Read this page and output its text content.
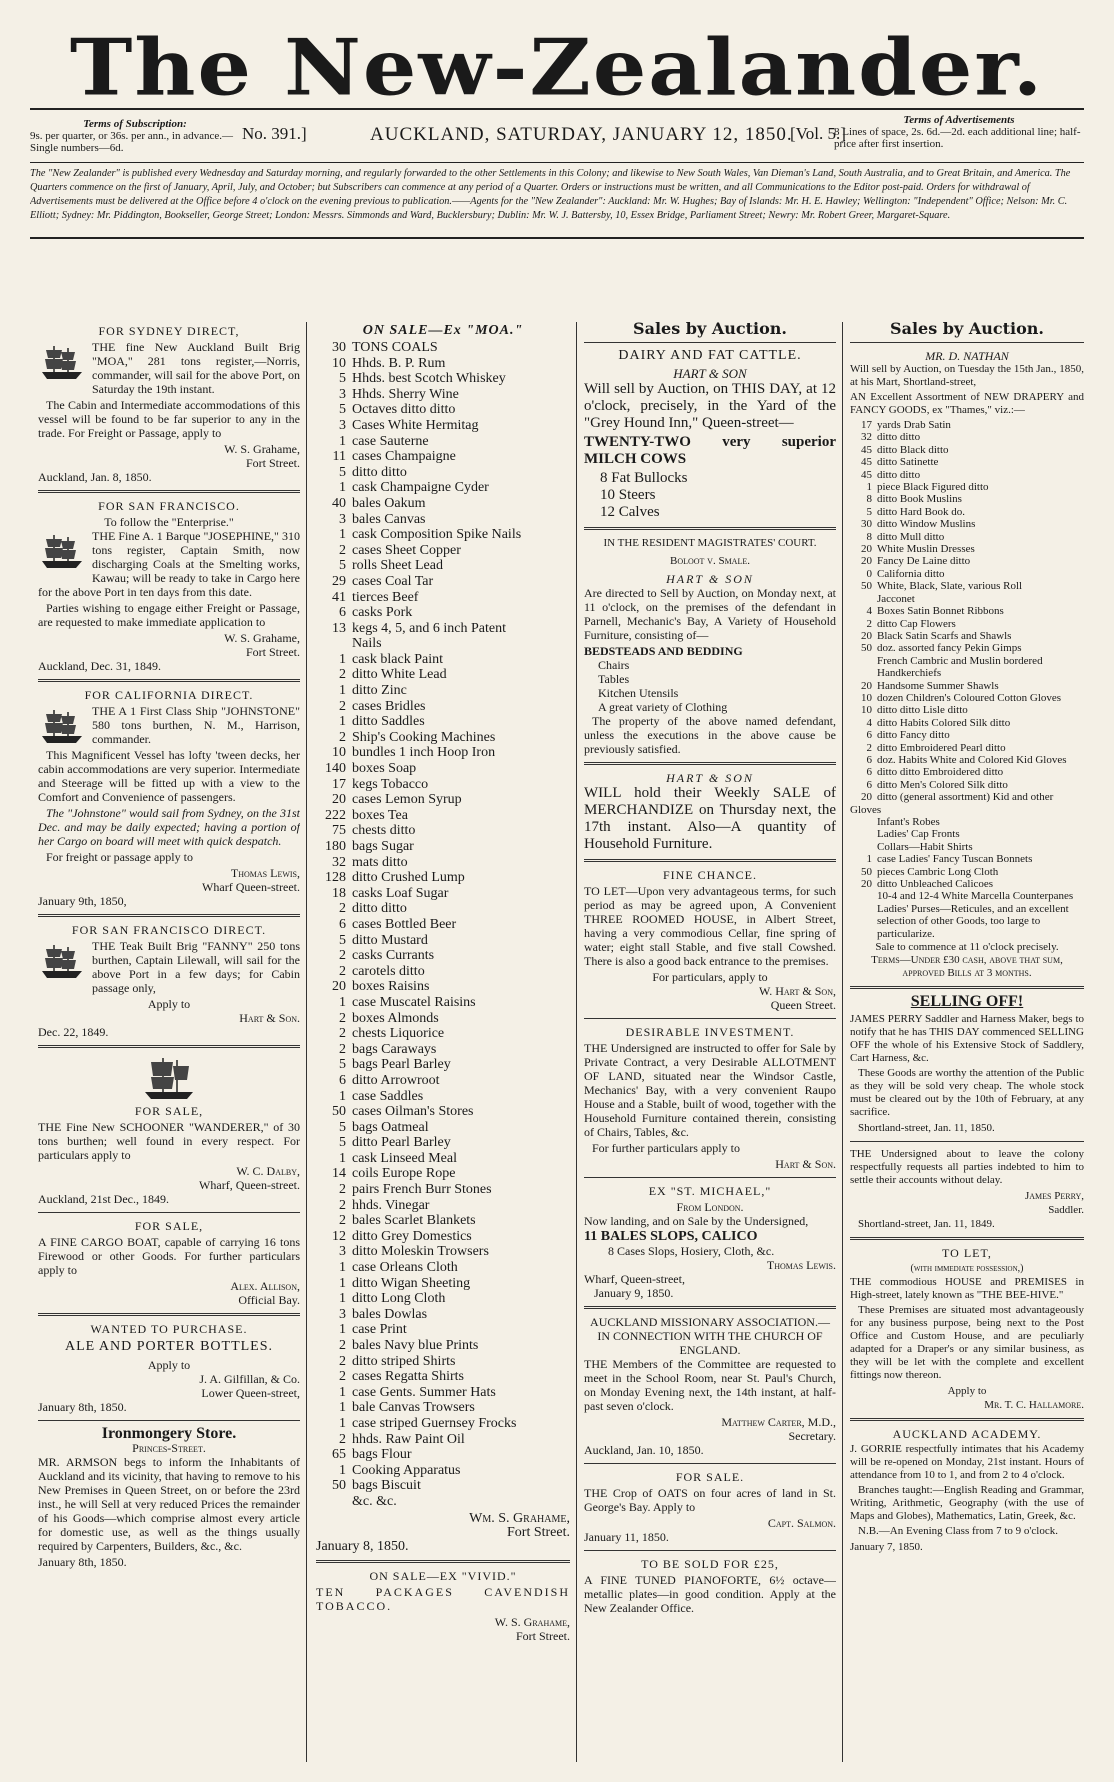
The New-Zealander.
Terms of Subscription:
9s. per quarter, or 36s. per ann., in advance.—Single numbers—6d.
No. 391.]	AUCKLAND, SATURDAY, JANUARY 12, 1850.
[Vol. 5.]
Terms of Advertisements
8 Lines of space, 2s. 6d.—2d. each additional line; half-price after first insertion.
The "New Zealander" is published every Wednesday and Saturday morning, and regularly forwarded to the other Settlements in this Colony; and likewise to New South Wales, Van Dieman's Land, South Australia, and to Great Britain, and America. The Quarters commence on the first of January, April, July, and October; but Subscribers can commence at any period of a Quarter. Orders or instructions must be written, and all Communications to the Editor post-paid. Orders for withdrawal of Advertisements must be delivered at the Office before 4 o'clock on the evening previous to publication.——Agents for the "New Zealander": Auckland: Mr. W. Hughes; Bay of Islands: Mr. H. E. Hawley; Wellington: "Independent" Office; Nelson: Mr. C. Elliott; Sydney: Mr. Piddington, Bookseller, George Street; London: Messrs. Simmonds and Ward, Bucklersbury; Dublin: Mr. W. J. Battersby, 10, Essex Bridge, Parliament Street; Newry: Mr. Robert Greer, Margaret-Square.
FOR SYDNEY DIRECT,

THE fine New Auckland Built Brig "MOA," 281 tons register,—Norris, commander, will sail for the above Port, on Saturday the 19th instant.

The Cabin and Intermediate accommodations of this vessel will be found to be far superior to any in the trade. For Freight or Passage, apply to

W. S. Grahame,
Fort Street.
Auckland, Jan. 8, 1850.
FOR SAN FRANCISCO.
To follow the "Enterprise."

THE Fine A. 1 Barque "JOSEPHINE," 310 tons register, Captain Smith, now discharging Coals at the Smelting works, Kawau; will be ready to take in Cargo here for the above Port in ten days from this date.

Parties wishing to engage either Freight or Passage, are requested to make immediate application to

W. S. Grahame,
Fort Street.
Auckland, Dec. 31, 1849.
FOR CALIFORNIA DIRECT.

THE A 1 First Class Ship "JOHNSTONE" 580 tons burthen, N. M., Harrison, commander.

This Magnificent Vessel has lofty 'tween decks, her cabin accommodations are very superior. Intermediate and Steerage will be fitted up with a view to the Comfort and Convenience of passengers.

The "Johnstone" would sail from Sydney, on the 31st Dec. and may be daily expected; having a portion of her Cargo on board will meet with quick despatch.

For freight or passage apply to

Thomas Lewis,
Wharf Queen-street.
January 9th, 1850,
FOR SAN FRANCISCO DIRECT.

THE Teak Built Brig "FANNY" 250 tons burthen, Captain Lilewall, will sail for the above Port in a few days; for Cabin passage only,

Apply to
Hart & Son.
Dec. 22, 1849.
FOR SALE,

THE Fine New SCHOONER "WANDERER," of 30 tons burthen; well found in every respect. For particulars apply to

W. C. Dalby,
Wharf, Queen-street.
Auckland, 21st Dec., 1849.
FOR SALE,

A FINE CARGO BOAT, capable of carrying 16 tons Firewood or other Goods. For further particulars apply to

Alex. Allison,
Official Bay.
WANTED TO PURCHASE.
ALE AND PORTER BOTTLES.
Apply to
J. A. Gilfillan, & Co.
Lower Queen-street,
January 8th, 1850.
Ironmongery Store.
Princes-Street.

MR. ARMSON begs to inform the Inhabitants of Auckland and its vicinity, that having to remove to his New Premises in Queen Street, on or before the 23rd inst., he will Sell at very reduced Prices the remainder of his Goods—which comprise almost every article for domestic use, as well as the things usually required by Carpenters, Builders, &c., &c.

January 8th, 1850.
ON SALE—Ex "MOA."
30 TONS COALS
10 Hhds. B. P. Rum
5 Hhds. best Scotch Whiskey
3 Hhds. Sherry Wine
5 Octaves ditto ditto
3 Cases White Hermitag
1 case Sauterne
11 cases Champaigne
5 ditto ditto
1 cask Champaigne Cyder
40 bales Oakum
3 bales Canvas
1 cask Composition Spike Nails
2 cases Sheet Copper
5 rolls Sheet Lead
29 cases Coal Tar
41 tierces Beef
6 casks Pork
13 kegs 4, 5, and 6 inch Patent
Nails
1 cask black Paint
2 ditto White Lead
1 ditto Zinc
2 cases Bridles
1 ditto Saddles
2 Ship's Cooking Machines
10 bundles 1 inch Hoop Iron
140 boxes Soap
17 kegs Tobacco
20 cases Lemon Syrup
222 boxes Tea
75 chests ditto
180 bags Sugar
32 mats ditto
128 ditto Crushed Lump
18 casks Loaf Sugar
2 ditto ditto
6 cases Bottled Beer
5 ditto Mustard
2 casks Currants
2 carotels ditto
20 boxes Raisins
1 case Muscatel Raisins
2 boxes Almonds
2 chests Liquorice
2 bags Caraways
5 bags Pearl Barley
6 ditto Arrowroot
1 case Saddles
50 cases Oilman's Stores
5 bags Oatmeal
5 ditto Pearl Barley
1 cask Linseed Meal
14 coils Europe Rope
2 pairs French Burr Stones
2 hhds. Vinegar
2 bales Scarlet Blankets
12 ditto Grey Domestics
3 ditto Moleskin Trowsers
1 case Orleans Cloth
1 ditto Wigan Sheeting
1 ditto Long Cloth
3 bales Dowlas
1 case Print
2 bales Navy blue Prints
2 ditto striped Shirts
2 cases Regatta Shirts
1 case Gents. Summer Hats
1 bale Canvas Trowsers
1 case striped Guernsey Frocks
2 hhds. Raw Paint Oil
65 bags Flour
1 Cooking Apparatus
50 bags Biscuit
&c. &c.
Wm. S. Grahame,
Fort Street.
January 8, 1850.
ON SALE—EX "VIVID."

TEN PACKAGES CAVENDISH TOBACCO.

W. S. Grahame,
Fort Street.
Sales by Auction.
DAIRY AND FAT CATTLE.
HART & SON

Will sell by Auction, on THIS DAY, at 12 o'clock, precisely, in the Yard of the "Grey Hound Inn," Queen-street—

TWENTY-TWO very superior MILCH COWS

8 Fat Bullocks
10 Steers
12 Calves
IN THE RESIDENT MAGISTRATES' COURT.
Boloot v. Smale.
HART & SON

Are directed to Sell by Auction, on Monday next, at 11 o'clock, on the premises of the defendant in Parnell, Mechanic's Bay, A Variety of Household Furniture, consisting of—

BEDSTEADS AND BEDDING
Chairs
Tables
Kitchen Utensils
A great variety of Clothing

The property of the above named defendant, unless the executions in the above cause be previously satisfied.

HART & SON

WILL hold their Weekly SALE of MERCHANDIZE on Thursday next, the 17th instant. Also—A quantity of Household Furniture.

FINE CHANCE.

TO LET—Upon very advantageous terms, for such period as may be agreed upon, A Convenient THREE ROOMED HOUSE, in Albert Street, having a very commodious Cellar, fine spring of water; eight stall Stable, and five stall Cowshed. There is also a good back entrance to the premises.

For particulars, apply to
W. Hart & Son,
Queen Street.
DESIRABLE INVESTMENT.

THE Undersigned are instructed to offer for Sale by Private Contract, a very Desirable ALLOTMENT OF LAND, situated near the Windsor Castle, Mechanics' Bay, with a very convenient Raupo House and a Stable, built of wood, together with the Household Furniture contained therein, consisting of Chairs, Tables, &c.

For further particulars apply to

Hart & Son.
EX "ST. MICHAEL,"
From London.

Now landing, and on Sale by the Undersigned,

11 BALES SLOPS, CALICO
8 Cases Slops, Hosiery, Cloth, &c.
Thomas Lewis.
Wharf, Queen-street,
January 9, 1850.
AUCKLAND MISSIONARY ASSOCIATION.—IN CONNECTION WITH THE CHURCH OF ENGLAND.

THE Members of the Committee are requested to meet in the School Room, near St. Paul's Church, on Monday Evening next, the 14th instant, at half-past seven o'clock.

Matthew Carter, M.D.,
Secretary.
Auckland, Jan. 10, 1850.
FOR SALE.

THE Crop of OATS on four acres of land in St. George's Bay. Apply to

Capt. Salmon.
January 11, 1850.
TO BE SOLD FOR £25,

A FINE TUNED PIANOFORTE, 6½ octave—metallic plates—in good condition. Apply at the New Zealander Office.

Sales by Auction.
MR. D. NATHAN

Will sell by Auction, on Tuesday the 15th Jan., 1850, at his Mart, Shortland-street,

AN Excellent Assortment of NEW DRAPERY and FANCY GOODS, ex "Thames," viz.:—

17 yards Drab Satin
32 ditto ditto
45 ditto Black ditto
45 ditto Satinette
45 ditto ditto
1 piece Black Figured ditto
8 ditto Book Muslins
5 ditto Hard Book do.
30 ditto Window Muslins
8 ditto Mull ditto
20 White Muslin Dresses
20 Fancy De Laine ditto
0 California ditto
50 White, Black, Slate, various Roll
Jacconet
4 Boxes Satin Bonnet Ribbons
2 ditto Cap Flowers
20 Black Satin Scarfs and Shawls
50 doz. assorted fancy Pekin Gimps
French Cambric and Muslin bordered Handkerchiefs
20 Handsome Summer Shawls
10 dozen Children's Coloured Cotton Gloves
10 ditto ditto Lisle ditto
4 ditto Habits Colored Silk ditto
6 ditto Fancy ditto
2 ditto Embroidered Pearl ditto
6 doz. Habits White and Colored Kid Gloves
6 ditto ditto Embroidered ditto
6 ditto Men's Colored Silk ditto
20 ditto (general assortment) Kid and other Gloves
Infant's Robes
Ladies' Cap Fronts
Collars—Habit Shirts
1 case Ladies' Fancy Tuscan Bonnets
50 pieces Cambric Long Cloth
20 ditto Unbleached Calicoes
10-4 and 12-4 White Marcella Counterpanes
Ladies' Purses—Reticules, and an excellent selection of other Goods, too large to particularize.
Sale to commence at 11 o'clock precisely.
Terms—Under £30 cash, above that sum, approved Bills at 3 months.
SELLING OFF!

JAMES PERRY Saddler and Harness Maker, begs to notify that he has THIS DAY commenced SELLING OFF the whole of his Extensive Stock of Saddlery, Cart Harness, &c.

These Goods are worthy the attention of the Public as they will be sold very cheap. The whole stock must be cleared out by the 10th of February, at any sacrifice.

Shortland-street, Jan. 11, 1850.

THE Undersigned about to leave the colony respectfully requests all parties indebted to him to settle their accounts without delay.

James Perry,
Saddler.
Shortland-street, Jan. 11, 1849.
TO LET,
(with immediate possession,)

THE commodious HOUSE and PREMISES in High-street, lately known as "THE BEE-HIVE."

These Premises are situated most advantageously for any business purpose, being next to the Post Office and Custom House, and are peculiarly adapted for a Draper's or any similar business, as they will be let with the complete and excellent fittings now thereon.

Apply to
Mr. T. C. Hallamore.
AUCKLAND ACADEMY.

J. GORRIE respectfully intimates that his Academy will be re-opened on Monday, 21st instant. Hours of attendance from 10 to 1, and from 2 to 4 o'clock.

Branches taught:—English Reading and Grammar, Writing, Arithmetic, Geography (with the use of Maps and Globes), Mathematics, Latin, Greek, &c.

N.B.—An Evening Class from 7 to 9 o'clock.

January 7, 1850.
